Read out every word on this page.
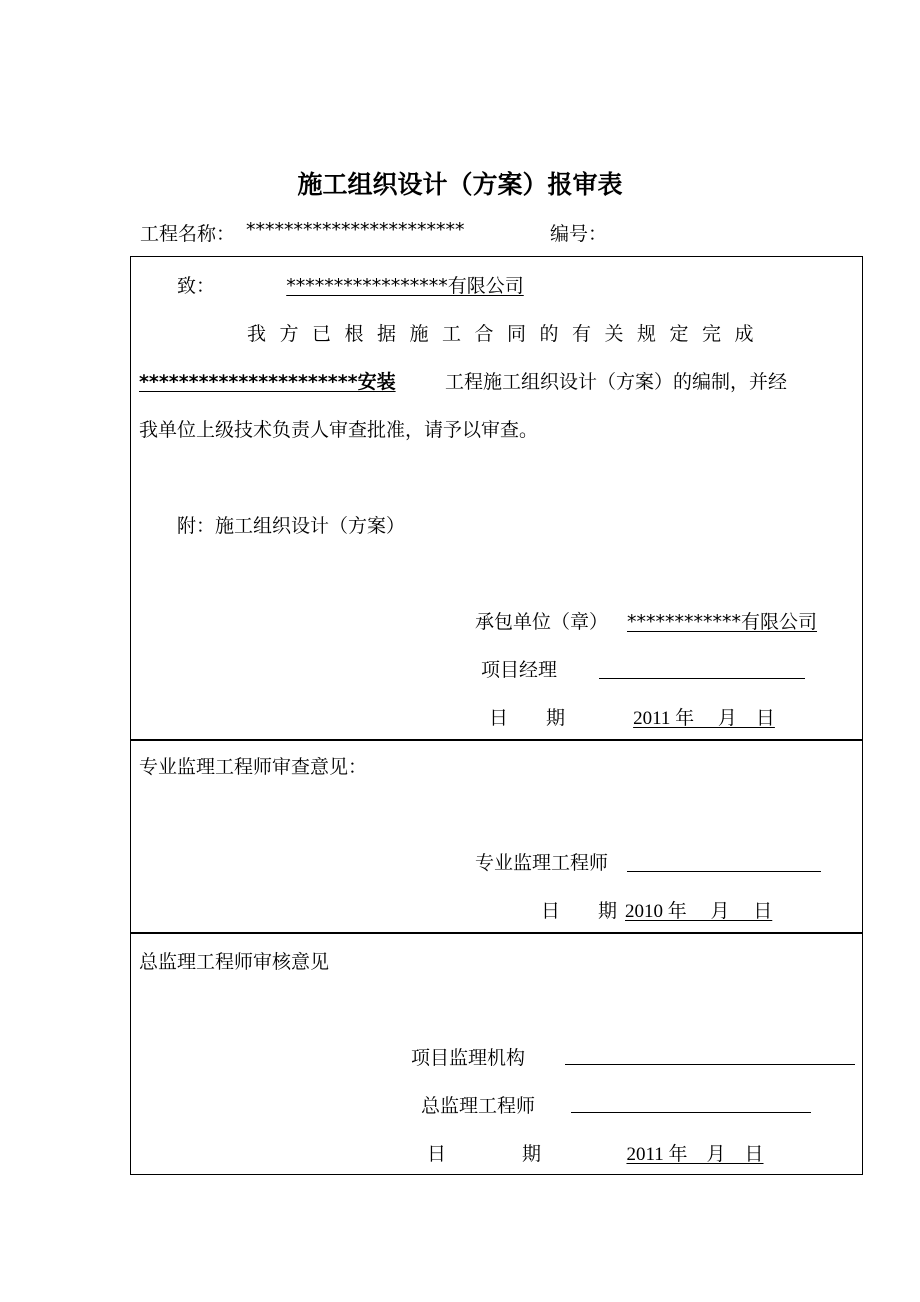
施工组织设计（方案）报审表
工程名称： ***********************	编号：
致：	*****************有限公司
我方已根据施工合同的有关规定完成
**********************安装	工程施工组织设计（方案）的编制，并经
我单位上级技术负责人审查批准，请予以审查。
附：施工组织设计（方案）
承包单位（章） ************有限公司
项目经理
日　　期	2011 年　 月　日
专业监理工程师审查意见：
专业监理工程师
日　　期 2010 年　 月　 日
总监理工程师审核意见
项目监理机构
总监理工程师
日　　　　期	2011 年　月　日
